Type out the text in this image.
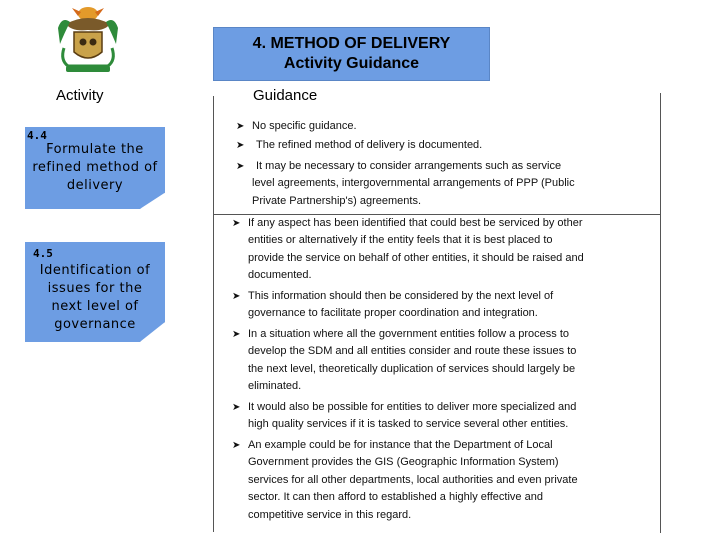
4. METHOD OF DELIVERY
Activity Guidance
Activity	Guidance
4.4
Formulate the
refined method of
delivery
4.5
Identification of
issues for the
next level of
governance
➤ No specific guidance.
➤ The refined method of delivery is documented.
➤	It may be necessary to consider arrangements such as service
level agreements, intergovernmental arrangements of PPP (Public
Private Partnership's) agreements.
➤ If any aspect has been identified that could best be serviced by other
entities or alternatively if the entity feels that it is best placed to
provide the service on behalf of other entities, it should be raised and
documented.
➤ This information should then be considered by the next level of
governance to facilitate proper coordination and integration.
➤ In a situation where all the government entities follow a process to
develop the SDM and all entities consider and route these issues to
the next level, theoretically duplication of services should largely be
eliminated.
➤ It would also be possible for entities to deliver more specialized and
high quality services if it is tasked to service several other entities.
➤ An example could be for instance that the Department of Local
Government provides the GIS (Geographic Information System)
services for all other departments, local authorities and even private
sector. It can then afford to established a highly effective and
competitive service in this regard.
